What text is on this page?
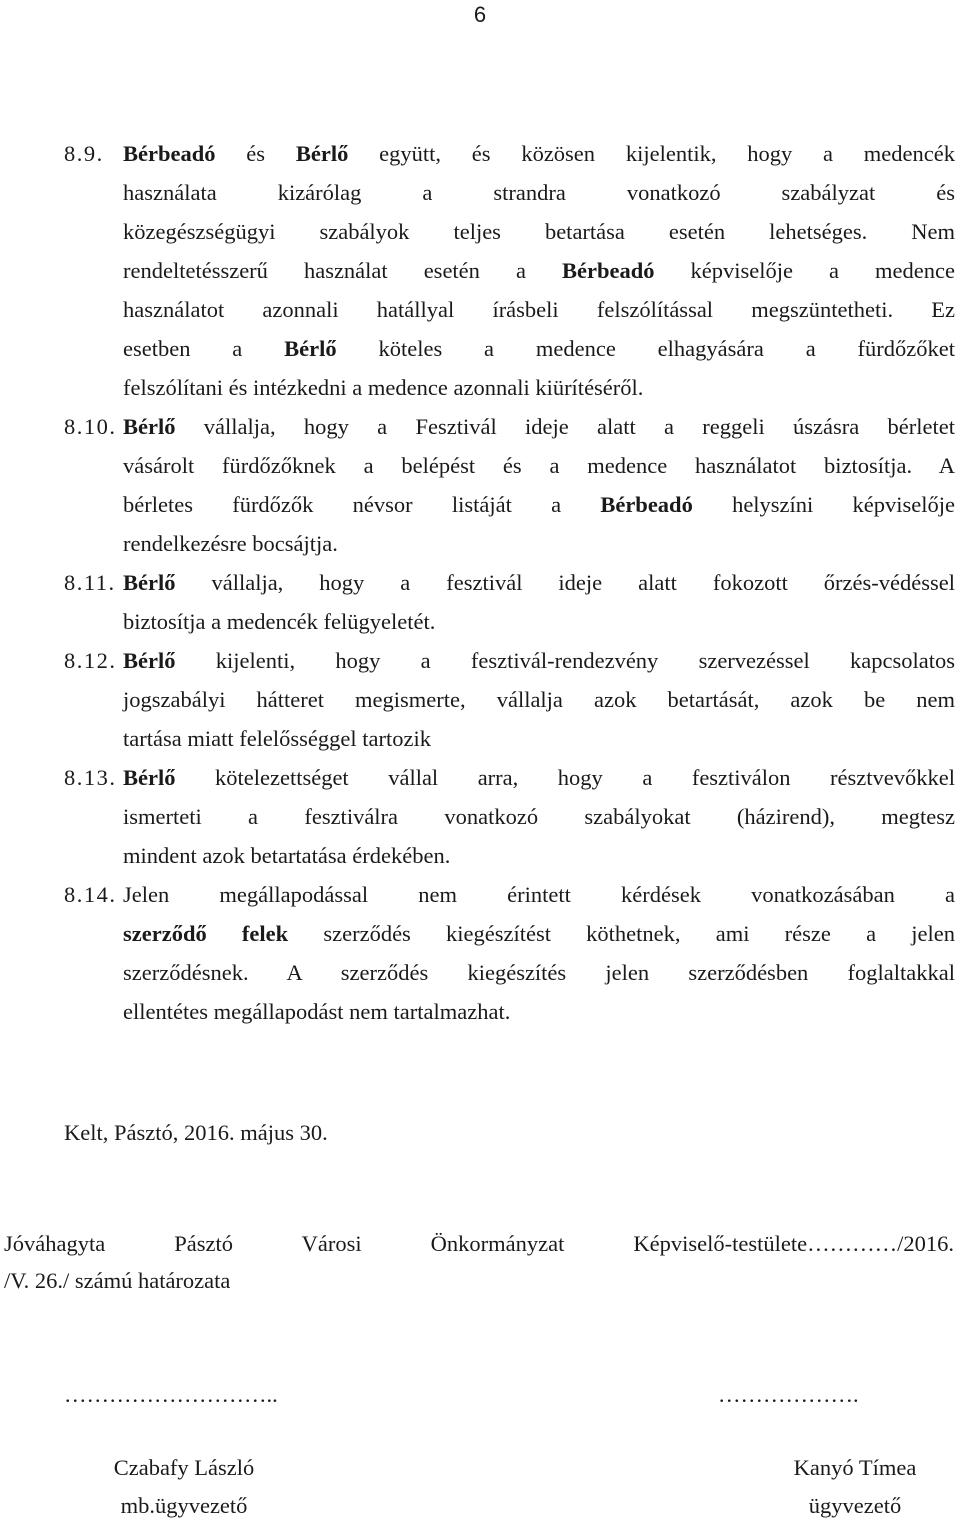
6
8.9. Bérbeadó és Bérlő együtt, és közösen kijelentik, hogy a medencék
használata kizárólag a strandra vonatkozó szabályzat és
közegészségügyi szabályok teljes betartása esetén lehetséges. Nem
rendeltetésszerű használat esetén a Bérbeadó képviselője a medence
használatot azonnali hatállyal írásbeli felszólítással megszüntetheti. Ez
esetben a Bérlő köteles a medence elhagyására a fürdőzőket
felszólítani és intézkedni a medence azonnali kiürítéséről.
8.10. Bérlő vállalja, hogy a Fesztivál ideje alatt a reggeli úszásra bérletet
vásárolt fürdőzőknek a belépést és a medence használatot biztosítja. A
bérletes fürdőzők névsor listáját a Bérbeadó helyszíni képviselője
rendelkezésre bocsájtja.
8.11. Bérlő vállalja, hogy a fesztivál ideje alatt fokozott őrzés-védéssel
biztosítja a medencék felügyeletét.
8.12. Bérlő kijelenti, hogy a fesztivál-rendezvény szervezéssel kapcsolatos
jogszabályi hátteret megismerte, vállalja azok betartását, azok be nem
tartása miatt felelősséggel tartozik
8.13. Bérlő kötelezettséget vállal arra, hogy a fesztiválon résztvevőkkel
ismerteti a fesztiválra vonatkozó szabályokat (házirend), megtesz
mindent azok betartatása érdekében.
8.14. Jelen megállapodással nem érintett kérdések vonatkozásában a
szerződő felek szerződés kiegészítést köthetnek, ami része a jelen
szerződésnek. A szerződés kiegészítés jelen szerződésben foglaltakkal
ellentétes megállapodást nem tartalmazhat.
Kelt, Pásztó, 2016. május 30.
Jóváhagyta Pásztó Városi Önkormányzat Képviselő-testülete…………/2016.
/V. 26./ számú határozata
………………………..	……………….
Czabafy László
mb.ügyvezető
Kanyó Tímea
ügyvezető
